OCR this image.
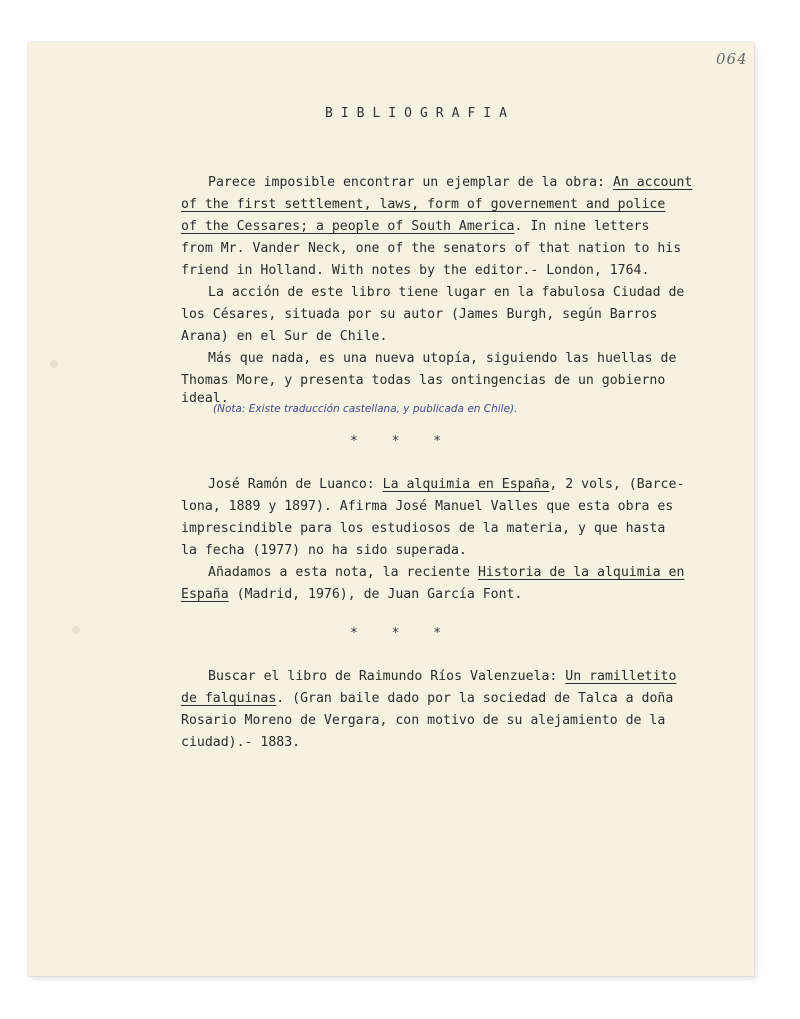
064
BIBLIOGRAFIA
Parece imposible encontrar un ejemplar de la obra: An account
of the first settlement, laws, form of governement and police
of the Cessares; a people of South America. In nine letters
from Mr. Vander Neck, one of the senators of that nation to his
friend in Holland. With notes by the editor.- London, 1764.
La acción de este libro tiene lugar en la fabulosa Ciudad de
los Césares, situada por su autor (James Burgh, según Barros
Arana) en el Sur de Chile.
Más que nada, es una nueva utopía, siguiendo las huellas de
Thomas More, y presenta todas las ontingencias de un gobierno
ideal.
(Nota: Existe traducción castellana, y publicada en Chile).
* * *
José Ramón de Luanco: La alquimia en España, 2 vols, (Barce-
lona, 1889 y 1897). Afirma José Manuel Valles que esta obra es
imprescindible para los estudiosos de la materia, y que hasta
la fecha (1977) no ha sido superada.
Añadamos a esta nota, la reciente Historia de la alquimia en
España (Madrid, 1976), de Juan García Font.
* * *
Buscar el libro de Raimundo Ríos Valenzuela: Un ramilletito
de falquinas. (Gran baile dado por la sociedad de Talca a doña
Rosario Moreno de Vergara, con motivo de su alejamiento de la
ciudad).- 1883.
